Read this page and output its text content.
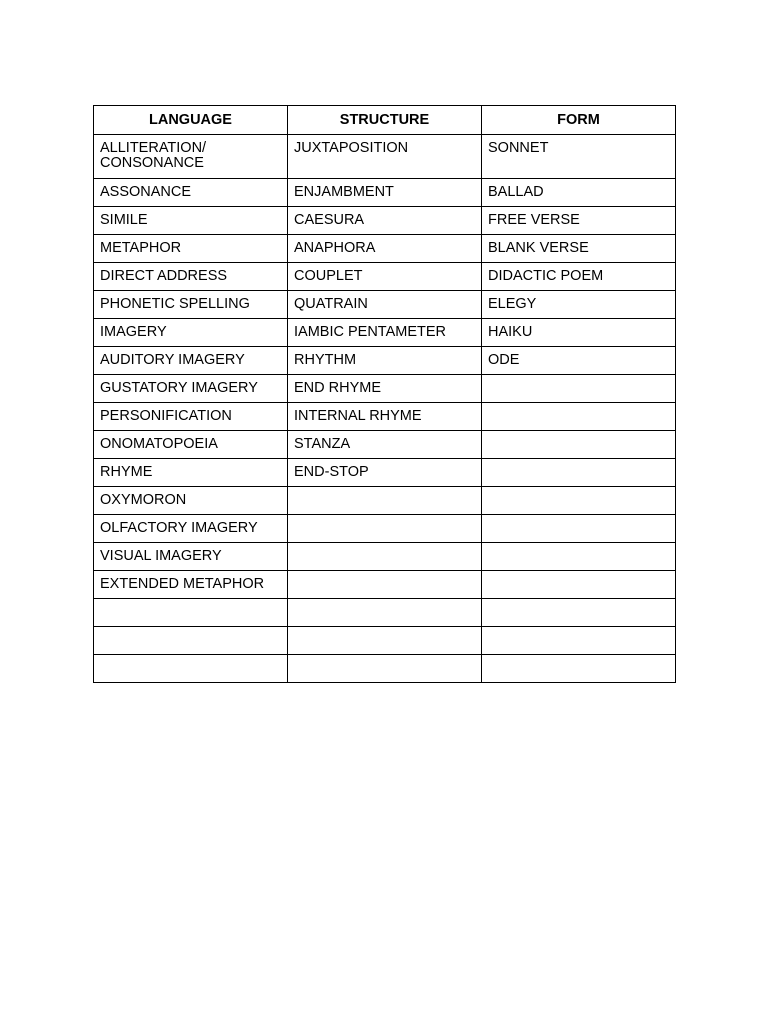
LANGUAGE	STRUCTURE	FORM
ALLITERATION/ CONSONANCE	JUXTAPOSITION	SONNET
ASSONANCE	ENJAMBMENT	BALLAD
SIMILE	CAESURA	FREE VERSE
METAPHOR	ANAPHORA	BLANK VERSE
DIRECT ADDRESS	COUPLET	DIDACTIC POEM
PHONETIC SPELLING	QUATRAIN	ELEGY
IMAGERY	IAMBIC PENTAMETER	HAIKU
AUDITORY IMAGERY	RHYTHM	ODE
GUSTATORY IMAGERY	END RHYME	
PERSONIFICATION	INTERNAL RHYME	
ONOMATOPOEIA	STANZA	
RHYME	END-STOP	
OXYMORON		
OLFACTORY IMAGERY		
VISUAL IMAGERY		
EXTENDED METAPHOR		
